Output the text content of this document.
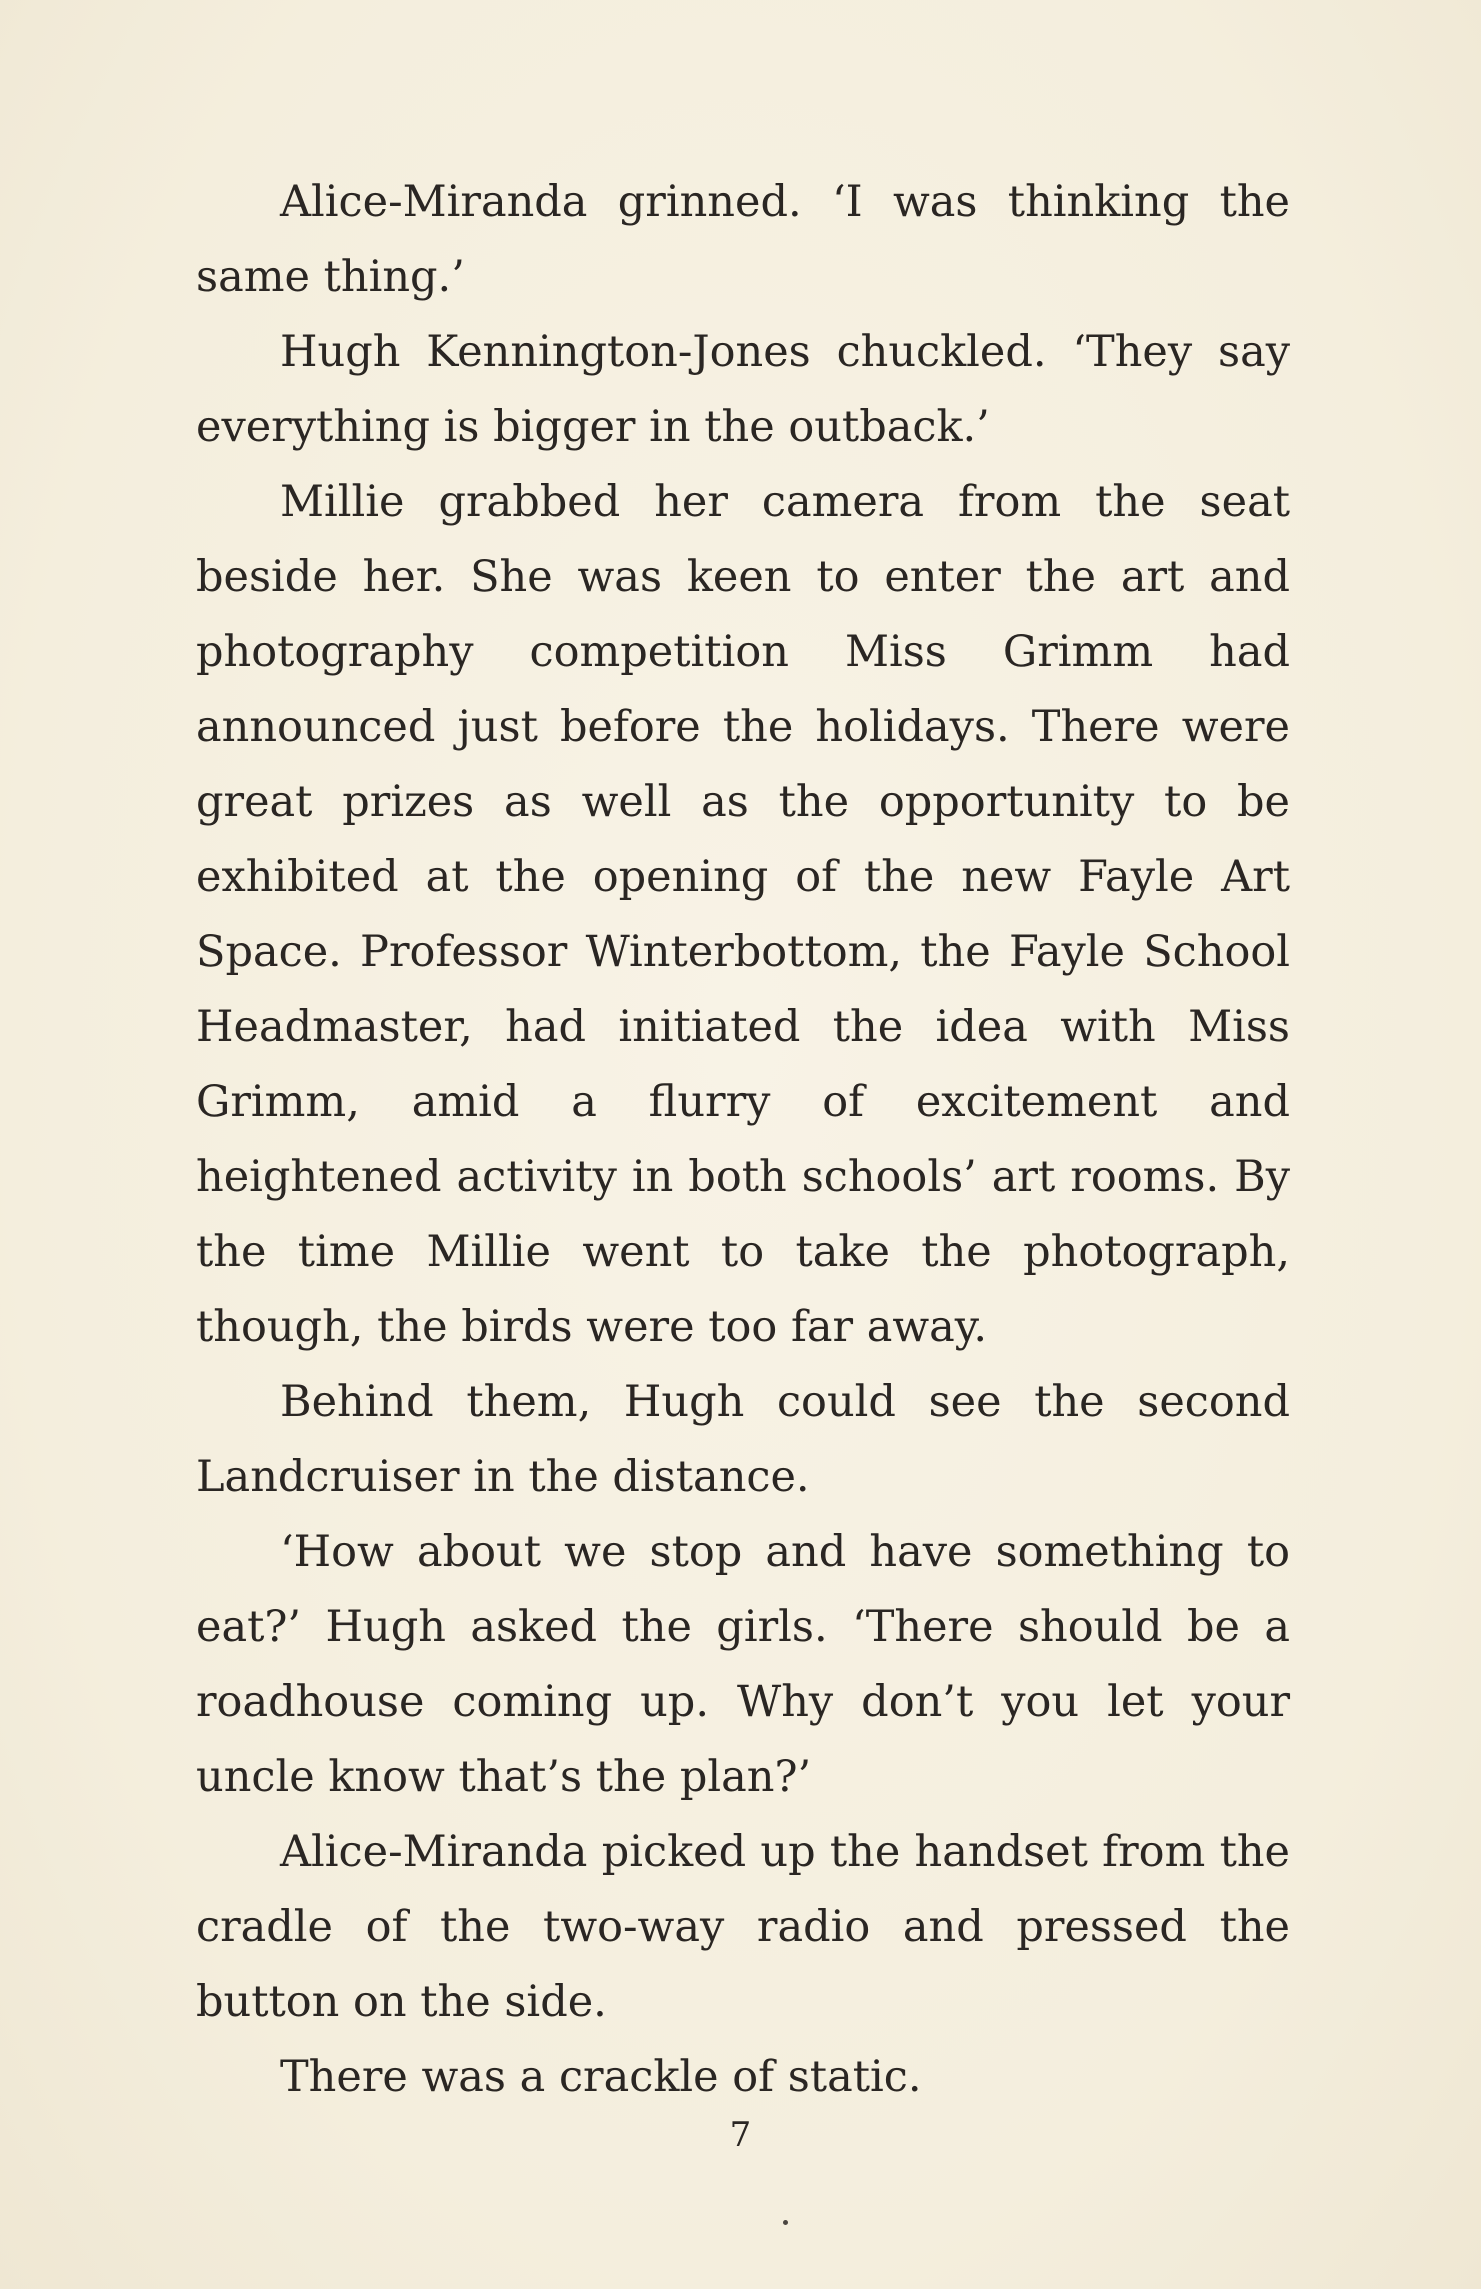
Alice-Miranda grinned. ‘I was thinking the same thing.’

Hugh Kennington-Jones chuckled. ‘They say everything is bigger in the outback.’

Millie grabbed her camera from the seat beside her. She was keen to enter the art and photography competition Miss Grimm had announced just before the holidays. There were great prizes as well as the opportunity to be exhibited at the opening of the new Fayle Art Space. Professor Winterbottom, the Fayle School Headmaster, had initiated the idea with Miss Grimm, amid a flurry of excitement and heightened activity in both schools’ art rooms. By the time Millie went to take the photograph, though, the birds were too far away.

Behind them, Hugh could see the second Landcruiser in the distance.

‘How about we stop and have something to eat?’ Hugh asked the girls. ‘There should be a roadhouse coming up. Why don’t you let your uncle know that’s the plan?’

Alice-Miranda picked up the handset from the cradle of the two-way radio and pressed the button on the side.

There was a crackle of static.

7
